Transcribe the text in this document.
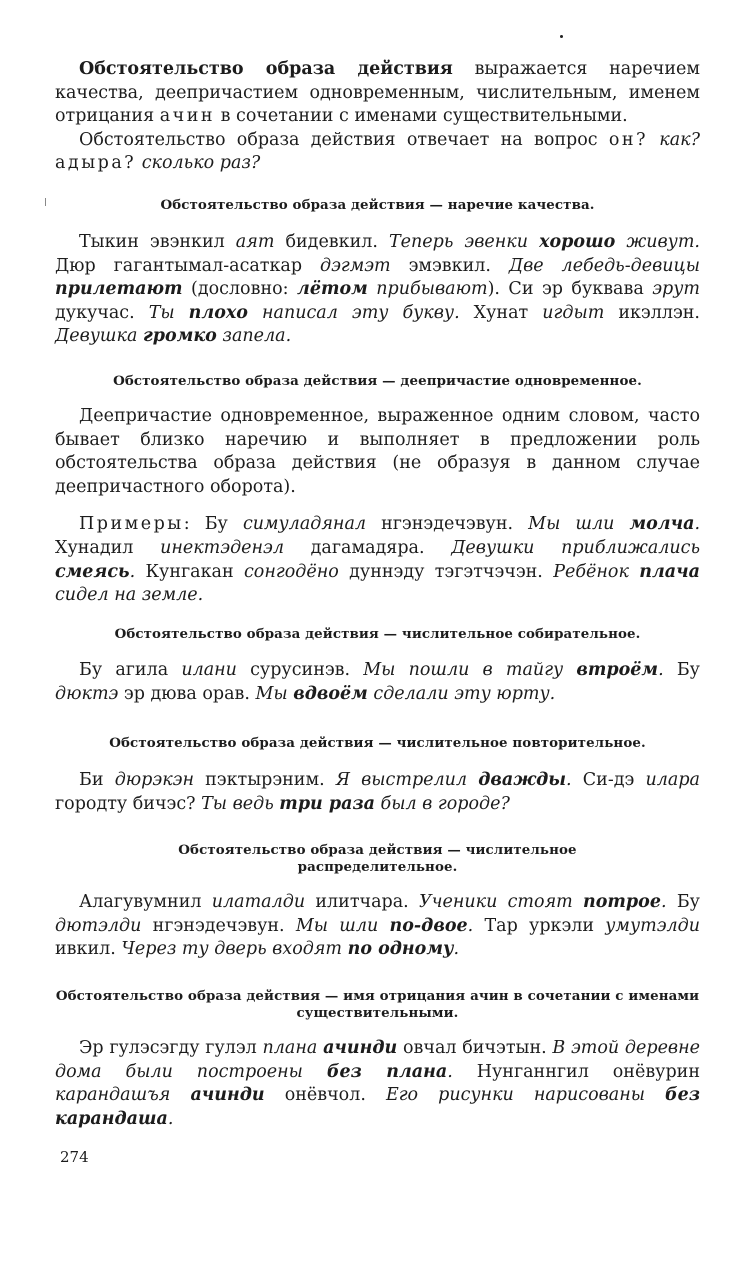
Обстоятельство образа действия выражается наречием качества, деепричастием одновременным, числительным, именем отрицания ачин в сочетании с именами существительными.

Обстоятельство образа действия отвечает на вопрос он? как? адыра? сколько раз?

Обстоятельство образа действия — наречие качества.

Тыкин эвэнкил аят бидевкил. Теперь эвенки хорошо живут. Дюр гагантымал-асаткар дэгмэт эмэвкил. Две лебедь-девицы прилетают (дословно: лётом прибывают). Си эр буквава эрут дукучас. Ты плохо написал эту букву. Хунат игдыт икэллэн. Девушка громко запела.

Обстоятельство образа действия — деепричастие одновременное.

Деепричастие одновременное, выраженное одним словом, часто бывает близко наречию и выполняет в предложении роль обстоятельства образа действия (не образуя в данном случае деепричастного оборота).

Примеры: Бу симуладянал нгэнэдечэвун. Мы шли молча. Хунадил инектэденэл дагамадяра. Девушки приближались смеясь. Кунгакан сонгодёно дуннэду тэгэтчэчэн. Ребёнок плача сидел на земле.

Обстоятельство образа действия — числительное собирательное.

Бу агила илани сурусинэв. Мы пошли в тайгу втроём. Бу дюктэ эр дюва орав. Мы вдвоём сделали эту юрту.

Обстоятельство образа действия — числительное повторительное.

Би дюрэкэн пэктырэним. Я выстрелил дважды. Си-дэ илара городту бичэс? Ты ведь три раза был в городе?

Обстоятельство образа действия — числительное распределительное.

Алагувумнил илаталди илитчара. Ученики стоят потрое. Бу дютэлди нгэнэдечэвун. Мы шли по-двое. Тар уркэли умутэлди ивкил. Через ту дверь входят по одному.

Обстоятельство образа действия — имя отрицания ачин в сочетании с именами существительными.

Эр гулэсэгду гулэл плана ачинди овчал бичэтын. В этой деревне дома были построены без плана. Нунганнгил онёвурин карандашъя ачинди онёвчол. Его рисунки нарисованы без карандаша.

274
